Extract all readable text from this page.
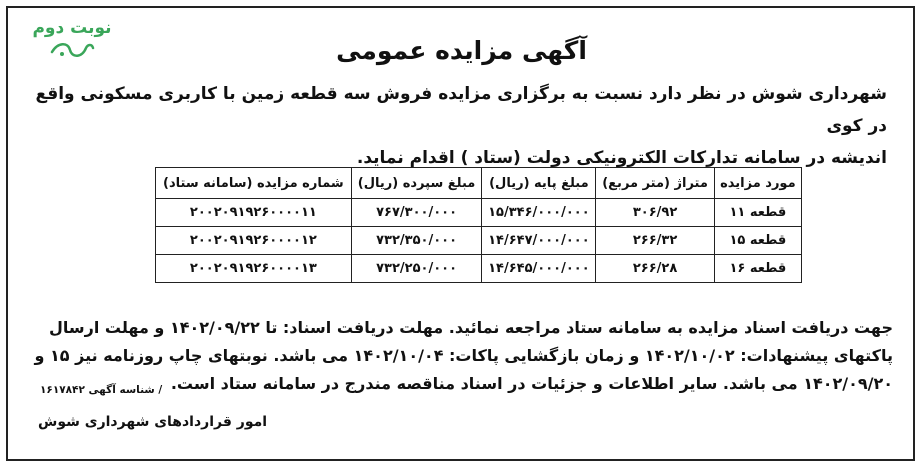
نوبت دوم
آگهی مزایده عمومی
شهرداری شوش در نظر دارد نسبت به برگزاری مزایده فروش سه قطعه زمین با کاربری مسکونی واقع در کوی
اندیشه در سامانه تدارکات الکترونیکی دولت (ستاد ) اقدام نماید.
مورد مزایده	متراژ (متر مربع)	مبلغ پایه (ریال)	مبلغ سپرده (ریال)	شماره مزایده (سامانه ستاد)
قطعه ۱۱	۳۰۶/۹۲	۱۵/۳۴۶/۰۰۰/۰۰۰	۷۶۷/۳۰۰/۰۰۰	۲۰۰۲۰۹۱۹۲۶۰۰۰۰۱۱
قطعه ۱۵	۲۶۶/۳۲	۱۴/۶۴۷/۰۰۰/۰۰۰	۷۳۲/۳۵۰/۰۰۰	۲۰۰۲۰۹۱۹۲۶۰۰۰۰۱۲
قطعه ۱۶	۲۶۶/۲۸	۱۴/۶۴۵/۰۰۰/۰۰۰	۷۳۲/۲۵۰/۰۰۰	۲۰۰۲۰۹۱۹۲۶۰۰۰۰۱۳
جهت دریافت اسناد مزایده به سامانه ستاد مراجعه نمائید. مهلت دریافت اسناد: تا ۱۴۰۲/۰۹/۲۲ و مهلت ارسال
پاکتهای پیشنهادات: ۱۴۰۲/۱۰/۰۲ و زمان بازگشایی پاکات: ۱۴۰۲/۱۰/۰۴ می باشد. نوبتهای چاپ روزنامه نیز ۱۵ و
۱۴۰۲/۰۹/۲۰ می باشد. سایر اطلاعات و جزئیات در اسناد مناقصه مندرج در سامانه ستاد است.
/ شناسه آگهی ۱۶۱۷۸۴۲
امور قراردادهای شهرداری شوش
